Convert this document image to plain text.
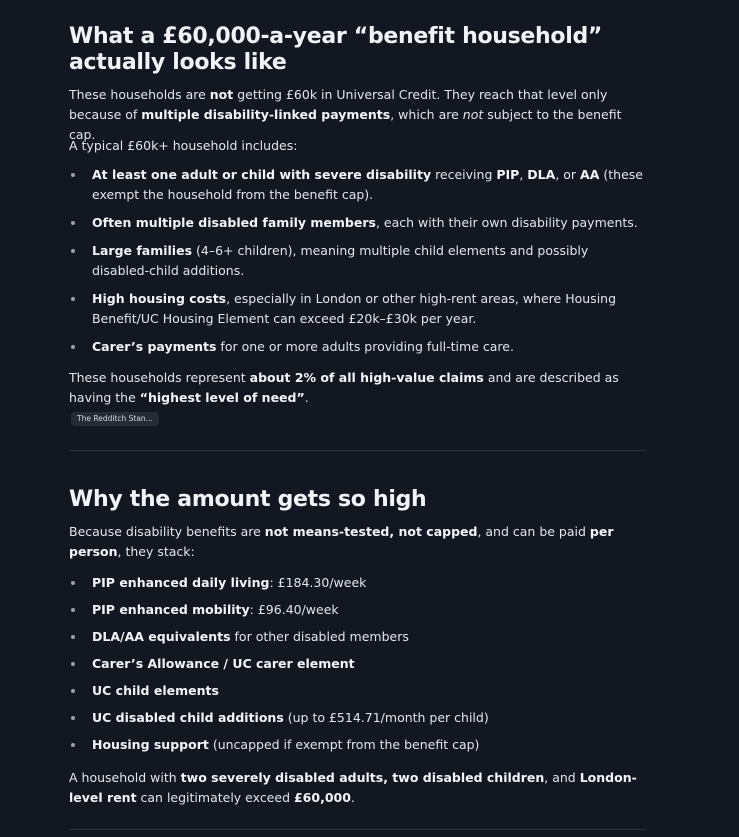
What a £60,000-a-year “benefit household” actually looks like

These households are not getting £60k in Universal Credit. They reach that level only because of multiple disability-linked payments, which are not subject to the benefit cap.

A typical £60k+ household includes:

At least one adult or child with severe disability receiving PIP, DLA, or AA (these exempt the household from the benefit cap).
Often multiple disabled family members, each with their own disability payments.
Large families (4–6+ children), meaning multiple child elements and possibly disabled-child additions.
High housing costs, especially in London or other high-rent areas, where Housing Benefit/UC Housing Element can exceed £20k–£30k per year.
Carer’s payments for one or more adults providing full-time care.

These households represent about 2% of all high-value claims and are described as having the “highest level of need”.

The Redditch Stan...
Why the amount gets so high

Because disability benefits are not means-tested, not capped, and can be paid per person, they stack:

PIP enhanced daily living: £184.30/week
PIP enhanced mobility: £96.40/week
DLA/AA equivalents for other disabled members
Carer’s Allowance / UC carer element
UC child elements
UC disabled child additions (up to £514.71/month per child)
Housing support (uncapped if exempt from the benefit cap)

A household with two severely disabled adults, two disabled children, and London-level rent can legitimately exceed £60,000.
